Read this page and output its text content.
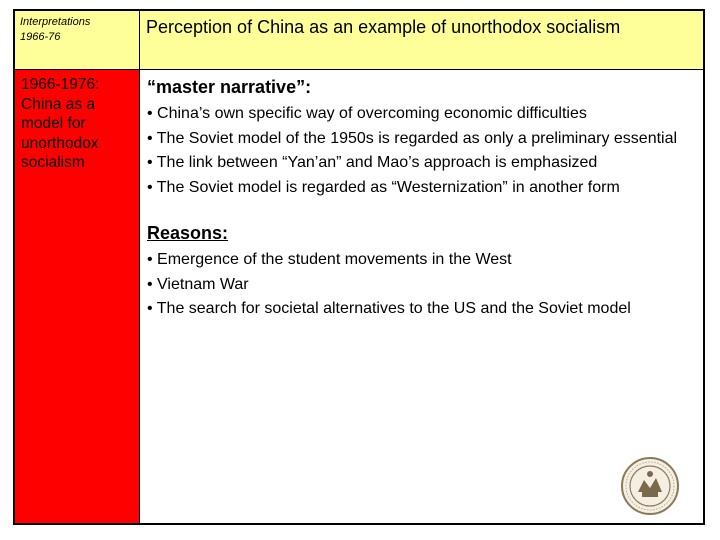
Interpretations
1966-76	Perception of China as an example of unorthodox socialism
1966-1976:
China as a
model for
unorthodox
socialism
“master narrative”:
• China’s own specific way of overcoming economic difficulties
• The Soviet model of the 1950s is regarded as only a preliminary essential
• The link between “Yan’an” and Mao’s approach is emphasized
• The Soviet model is regarded as “Westernization” in another form
Reasons:
• Emergence of the student movements in the West
• Vietnam War
• The search for societal alternatives to the US and the Soviet model
